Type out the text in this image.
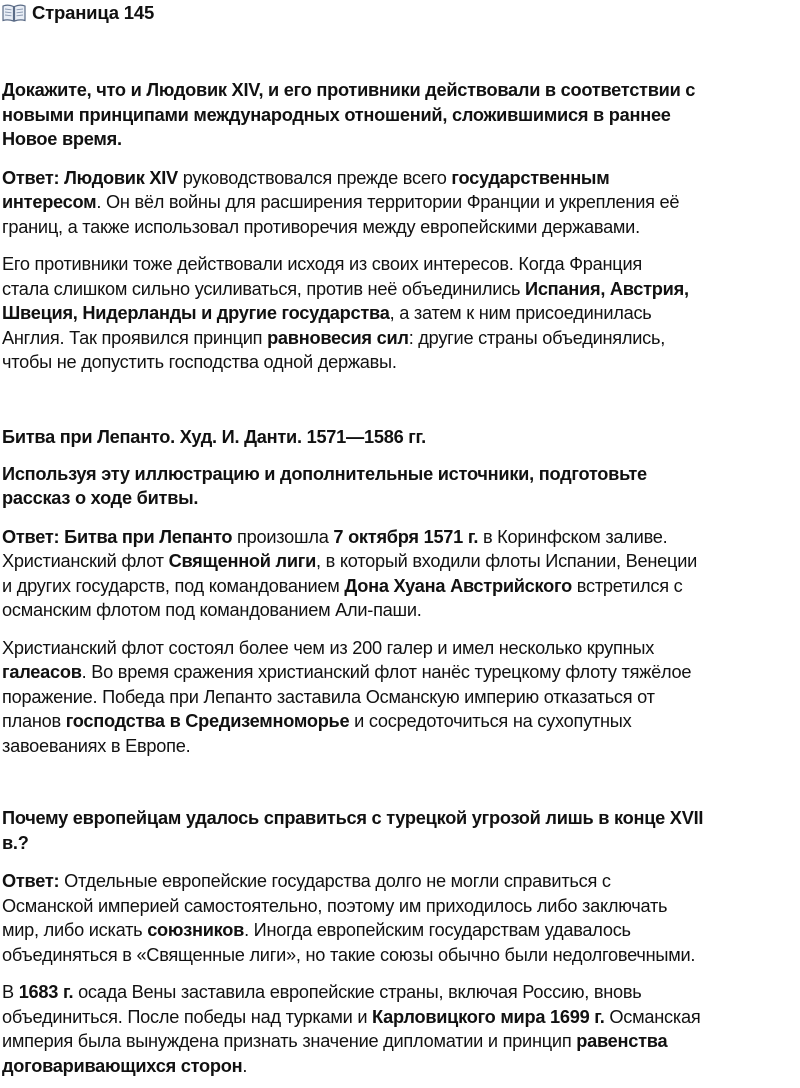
Страница 145
Докажите, что и Людовик XIV, и его противники действовали в соответствии с
новыми принципами международных отношений, сложившимися в раннее
Новое время.
Ответ: Людовик XIV руководствовался прежде всего государственным
интересом. Он вёл войны для расширения территории Франции и укрепления её
границ, а также использовал противоречия между европейскими державами.
Его противники тоже действовали исходя из своих интересов. Когда Франция
стала слишком сильно усиливаться, против неё объединились Испания, Австрия,
Швеция, Нидерланды и другие государства, а затем к ним присоединилась
Англия. Так проявился принцип равновесия сил: другие страны объединялись,
чтобы не допустить господства одной державы.
Битва при Лепанто. Худ. И. Данти. 1571—1586 гг.
Используя эту иллюстрацию и дополнительные источники, подготовьте
рассказ о ходе битвы.
Ответ: Битва при Лепанто произошла 7 октября 1571 г. в Коринфском заливе.
Христианский флот Священной лиги, в который входили флоты Испании, Венеции
и других государств, под командованием Дона Хуана Австрийского встретился с
османским флотом под командованием Али-паши.
Христианский флот состоял более чем из 200 галер и имел несколько крупных
галеасов. Во время сражения христианский флот нанёс турецкому флоту тяжёлое
поражение. Победа при Лепанто заставила Османскую империю отказаться от
планов господства в Средиземноморье и сосредоточиться на сухопутных
завоеваниях в Европе.
Почему европейцам удалось справиться с турецкой угрозой лишь в конце XVII
в.?
Ответ: Отдельные европейские государства долго не могли справиться с
Османской империей самостоятельно, поэтому им приходилось либо заключать
мир, либо искать союзников. Иногда европейским государствам удавалось
объединяться в «Священные лиги», но такие союзы обычно были недолговечными.
В 1683 г. осада Вены заставила европейские страны, включая Россию, вновь
объединиться. После победы над турками и Карловицкого мира 1699 г. Османская
империя была вынуждена признать значение дипломатии и принцип равенства
договаривающихся сторон.
